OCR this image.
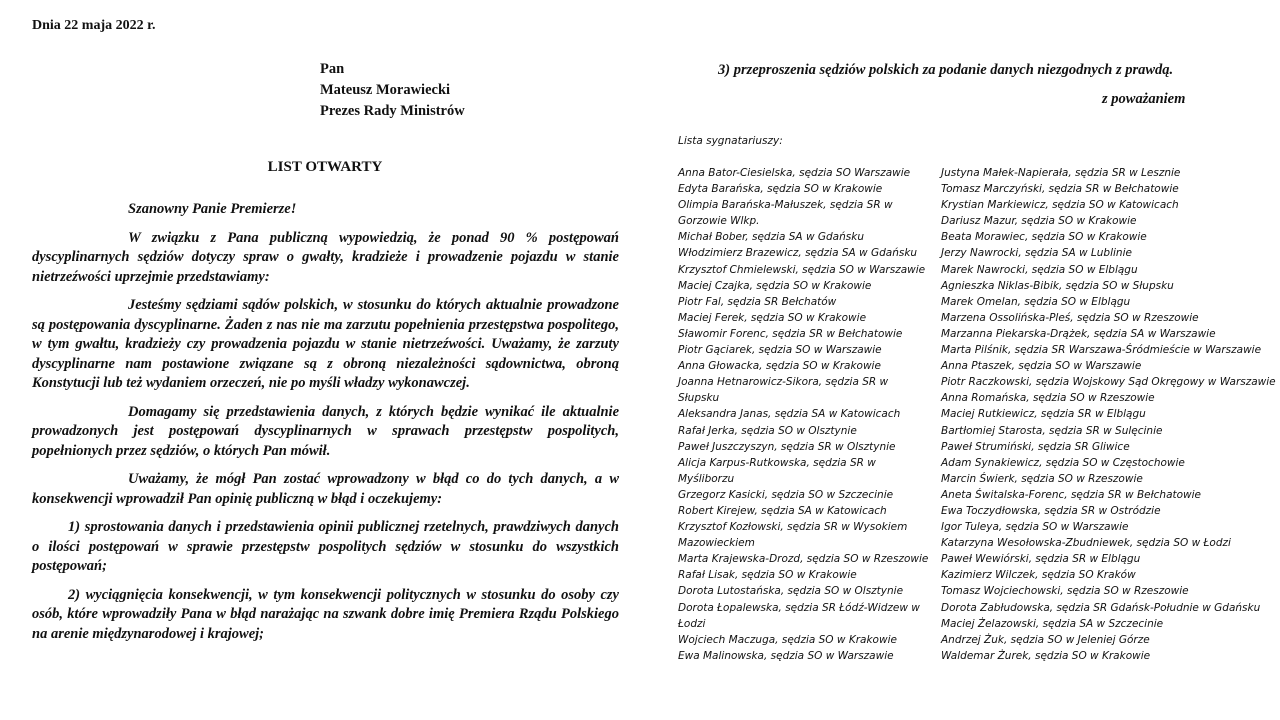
Dnia 22 maja 2022 r.
Pan
Mateusz Morawiecki
Prezes Rady Ministrów
LIST OTWARTY

Szanowny Panie Premierze!

W związku z Pana publiczną wypowiedzią, że ponad 90 % postępowań dyscyplinarnych sędziów dotyczy spraw o gwałty, kradzieże i prowadzenie pojazdu w stanie nietrzeźwości uprzejmie przedstawiamy:

Jesteśmy sędziami sądów polskich, w stosunku do których aktualnie prowadzone są postępowania dyscyplinarne. Żaden z nas nie ma zarzutu popełnienia przestępstwa pospolitego, w tym gwałtu, kradzieży czy prowadzenia pojazdu w stanie nietrzeźwości. Uważamy, że zarzuty dyscyplinarne nam postawione związane są z obroną niezależności sądownictwa, obroną Konstytucji lub też wydaniem orzeczeń, nie po myśli władzy wykonawczej.

Domagamy się przedstawienia danych, z których będzie wynikać ile aktualnie prowadzonych jest postępowań dyscyplinarnych w sprawach przestępstw pospolitych, popełnionych przez sędziów, o których Pan mówił.

Uważamy, że mógł Pan zostać wprowadzony w błąd co do tych danych, a w konsekwencji wprowadził Pan opinię publiczną w błąd i oczekujemy:

1) sprostowania danych i przedstawienia opinii publicznej rzetelnych, prawdziwych danych o ilości postępowań w sprawie przestępstw pospolitych sędziów w stosunku do wszystkich postępowań;

2) wyciągnięcia konsekwencji, w tym konsekwencji politycznych w stosunku do osoby czy osób, które wprowadziły Pana w błąd narażając na szwank dobre imię Premiera Rządu Polskiego na arenie międzynarodowej i krajowej;

3) przeproszenia sędziów polskich za podanie danych niezgodnych z prawdą.
z poważaniem
Lista sygnatariuszy:
Anna Bator-Ciesielska, sędzia SO Warszawie
Edyta Barańska, sędzia SO w Krakowie
Olimpia Barańska-Małuszek, sędzia SR w Gorzowie Wlkp.
Michał Bober, sędzia SA w Gdańsku
Włodzimierz Brazewicz, sędzia SA w Gdańsku
Krzysztof Chmielewski, sędzia SO w Warszawie
Maciej Czajka, sędzia SO w Krakowie
Piotr Fal, sędzia SR Bełchatów
Maciej Ferek, sędzia SO w Krakowie
Sławomir Forenc, sędzia SR w Bełchatowie
Piotr Gąciarek, sędzia SO w Warszawie
Anna Głowacka, sędzia SO w Krakowie
Joanna Hetnarowicz-Sikora, sędzia SR w Słupsku
Aleksandra Janas, sędzia SA w Katowicach
Rafał Jerka, sędzia SO w Olsztynie
Paweł Juszczyszyn, sędzia SR w Olsztynie
Alicja Karpus-Rutkowska, sędzia SR w Myśliborzu
Grzegorz Kasicki, sędzia SO w Szczecinie
Robert Kirejew, sędzia SA w Katowicach
Krzysztof Kozłowski, sędzia SR w Wysokiem Mazowieckiem
Marta Krajewska-Drozd, sędzia SO w Rzeszowie
Rafał Lisak, sędzia SO w Krakowie
Dorota Lutostańska, sędzia SO w Olsztynie
Dorota Łopalewska, sędzia SR Łódź-Widzew w Łodzi
Wojciech Maczuga, sędzia SO w Krakowie
Ewa Malinowska, sędzia SO w Warszawie
Justyna Małek-Napierała, sędzia SR w Lesznie
Tomasz Marczyński, sędzia SR w Bełchatowie
Krystian Markiewicz, sędzia SO w Katowicach
Dariusz Mazur, sędzia SO w Krakowie
Beata Morawiec, sędzia SO w Krakowie
Jerzy Nawrocki, sędzia SA w Lublinie
Marek Nawrocki, sędzia SO w Elblągu
Agnieszka Niklas-Bibik, sędzia SO w Słupsku
Marek Omelan, sędzia SO w Elblągu
Marzena Ossolińska-Pleś, sędzia SO w Rzeszowie
Marzanna Piekarska-Drążek, sędzia SA w Warszawie
Marta Pilśnik, sędzia SR Warszawa-Śródmieście w Warszawie
Anna Ptaszek, sędzia SO w Warszawie
Piotr Raczkowski, sędzia Wojskowy Sąd Okręgowy w Warszawie
Anna Romańska, sędzia SO w Rzeszowie
Maciej Rutkiewicz, sędzia SR w Elblągu
Bartłomiej Starosta, sędzia SR w Sulęcinie
Paweł Strumiński, sędzia SR Gliwice
Adam Synakiewicz, sędzia SO w Częstochowie
Marcin Świerk, sędzia SO w Rzeszowie
Aneta Świtalska-Forenc, sędzia SR w Bełchatowie
Ewa Toczydłowska, sędzia SR w Ostródzie
Igor Tuleya, sędzia SO w Warszawie
Katarzyna Wesołowska-Zbudniewek, sędzia SO w Łodzi
Paweł Wewiórski, sędzia SR w Elblągu
Kazimierz Wilczek, sędzia SO Kraków
Tomasz Wojciechowski, sędzia SO w Rzeszowie
Dorota Zabłudowska, sędzia SR Gdańsk-Południe w Gdańsku
Maciej Żelazowski, sędzia SA w Szczecinie
Andrzej Żuk, sędzia SO w Jeleniej Górze
Waldemar Żurek, sędzia SO w Krakowie
